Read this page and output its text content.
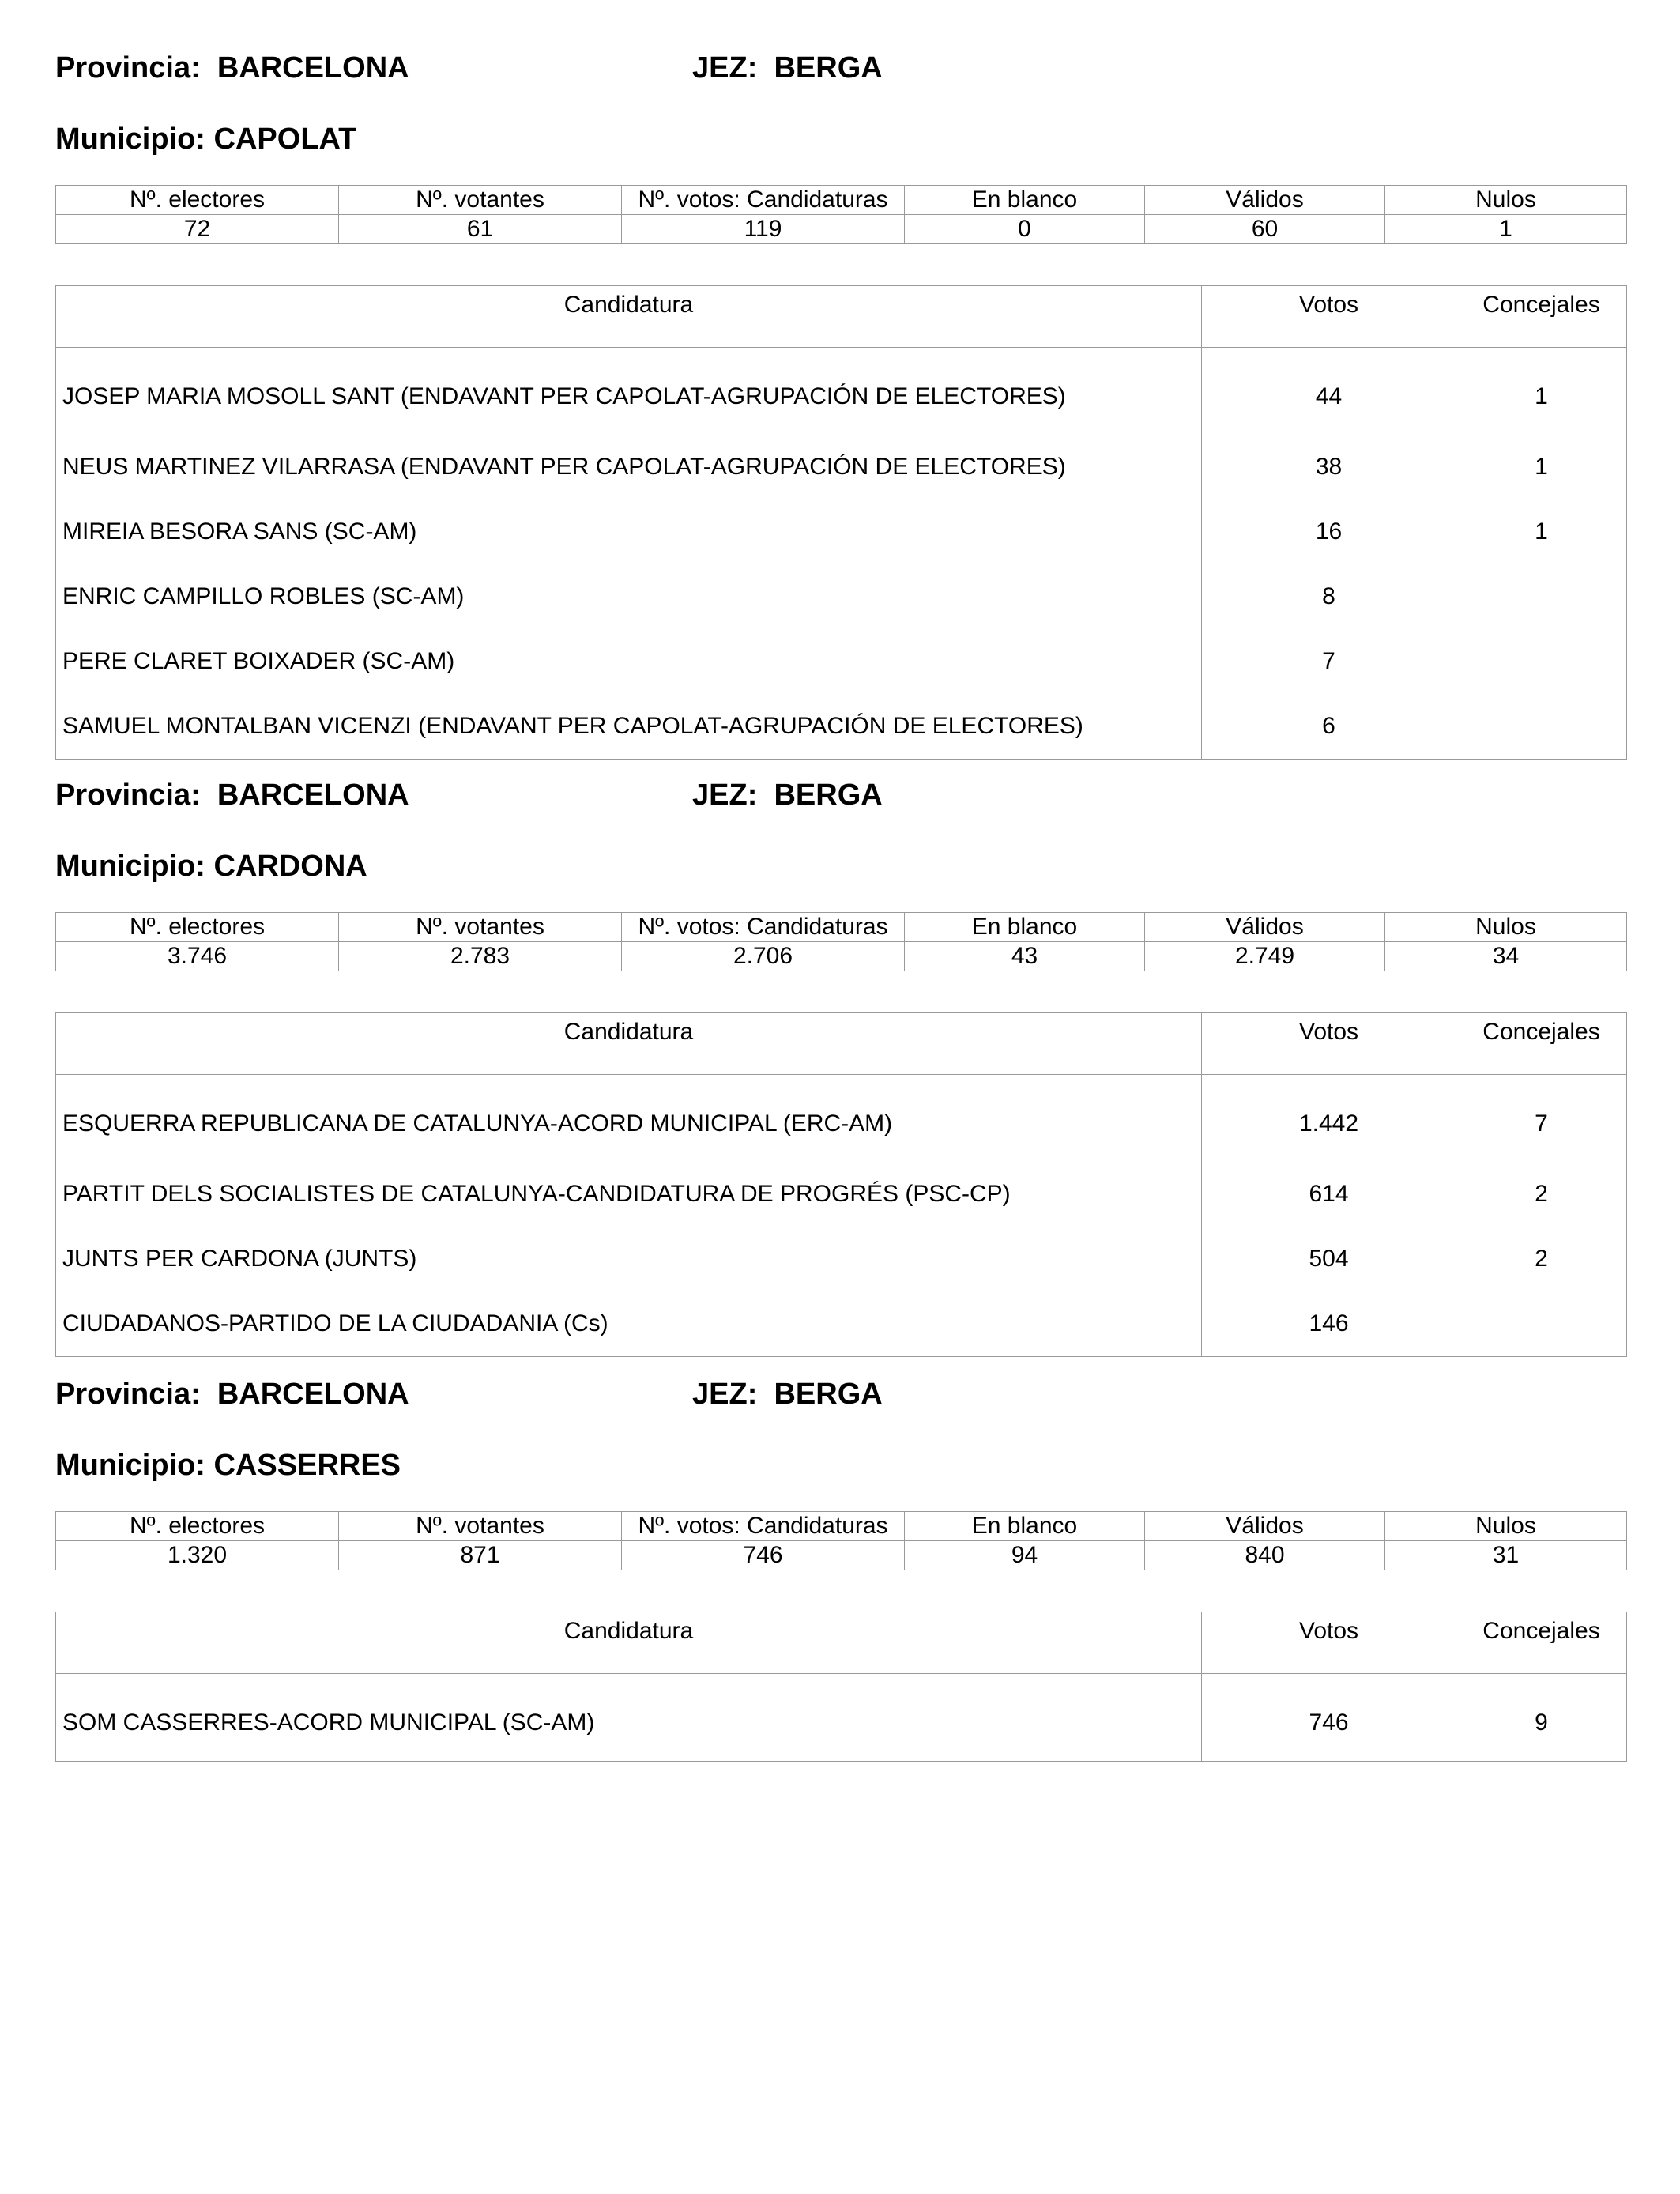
Provincia: BARCELONA	JEZ: BERGA
Municipio: CAPOLAT
Nº. electores	Nº. votantes	Nº. votos: Candidaturas	En blanco	Válidos	Nulos
72	61	119	0	60	1
Candidatura	Votos	Concejales
JOSEP MARIA MOSOLL SANT (ENDAVANT PER CAPOLAT-AGRUPACIÓN DE ELECTORES)	44	1
NEUS MARTINEZ VILARRASA (ENDAVANT PER CAPOLAT-AGRUPACIÓN DE ELECTORES)	38	1
MIREIA BESORA SANS (SC-AM)	16	1
ENRIC CAMPILLO ROBLES (SC-AM)	8	
PERE CLARET BOIXADER (SC-AM)	7	
SAMUEL MONTALBAN VICENZI (ENDAVANT PER CAPOLAT-AGRUPACIÓN DE ELECTORES)	6	
Provincia: BARCELONA	JEZ: BERGA
Municipio: CARDONA
Nº. electores	Nº. votantes	Nº. votos: Candidaturas	En blanco	Válidos	Nulos
3.746	2.783	2.706	43	2.749	34
Candidatura	Votos	Concejales
ESQUERRA REPUBLICANA DE CATALUNYA-ACORD MUNICIPAL (ERC-AM)	1.442	7
PARTIT DELS SOCIALISTES DE CATALUNYA-CANDIDATURA DE PROGRÉS (PSC-CP)	614	2
JUNTS PER CARDONA (JUNTS)	504	2
CIUDADANOS-PARTIDO DE LA CIUDADANIA (Cs)	146	
Provincia: BARCELONA	JEZ: BERGA
Municipio: CASSERRES
Nº. electores	Nº. votantes	Nº. votos: Candidaturas	En blanco	Válidos	Nulos
1.320	871	746	94	840	31
Candidatura	Votos	Concejales
SOM CASSERRES-ACORD MUNICIPAL (SC-AM)	746	9
